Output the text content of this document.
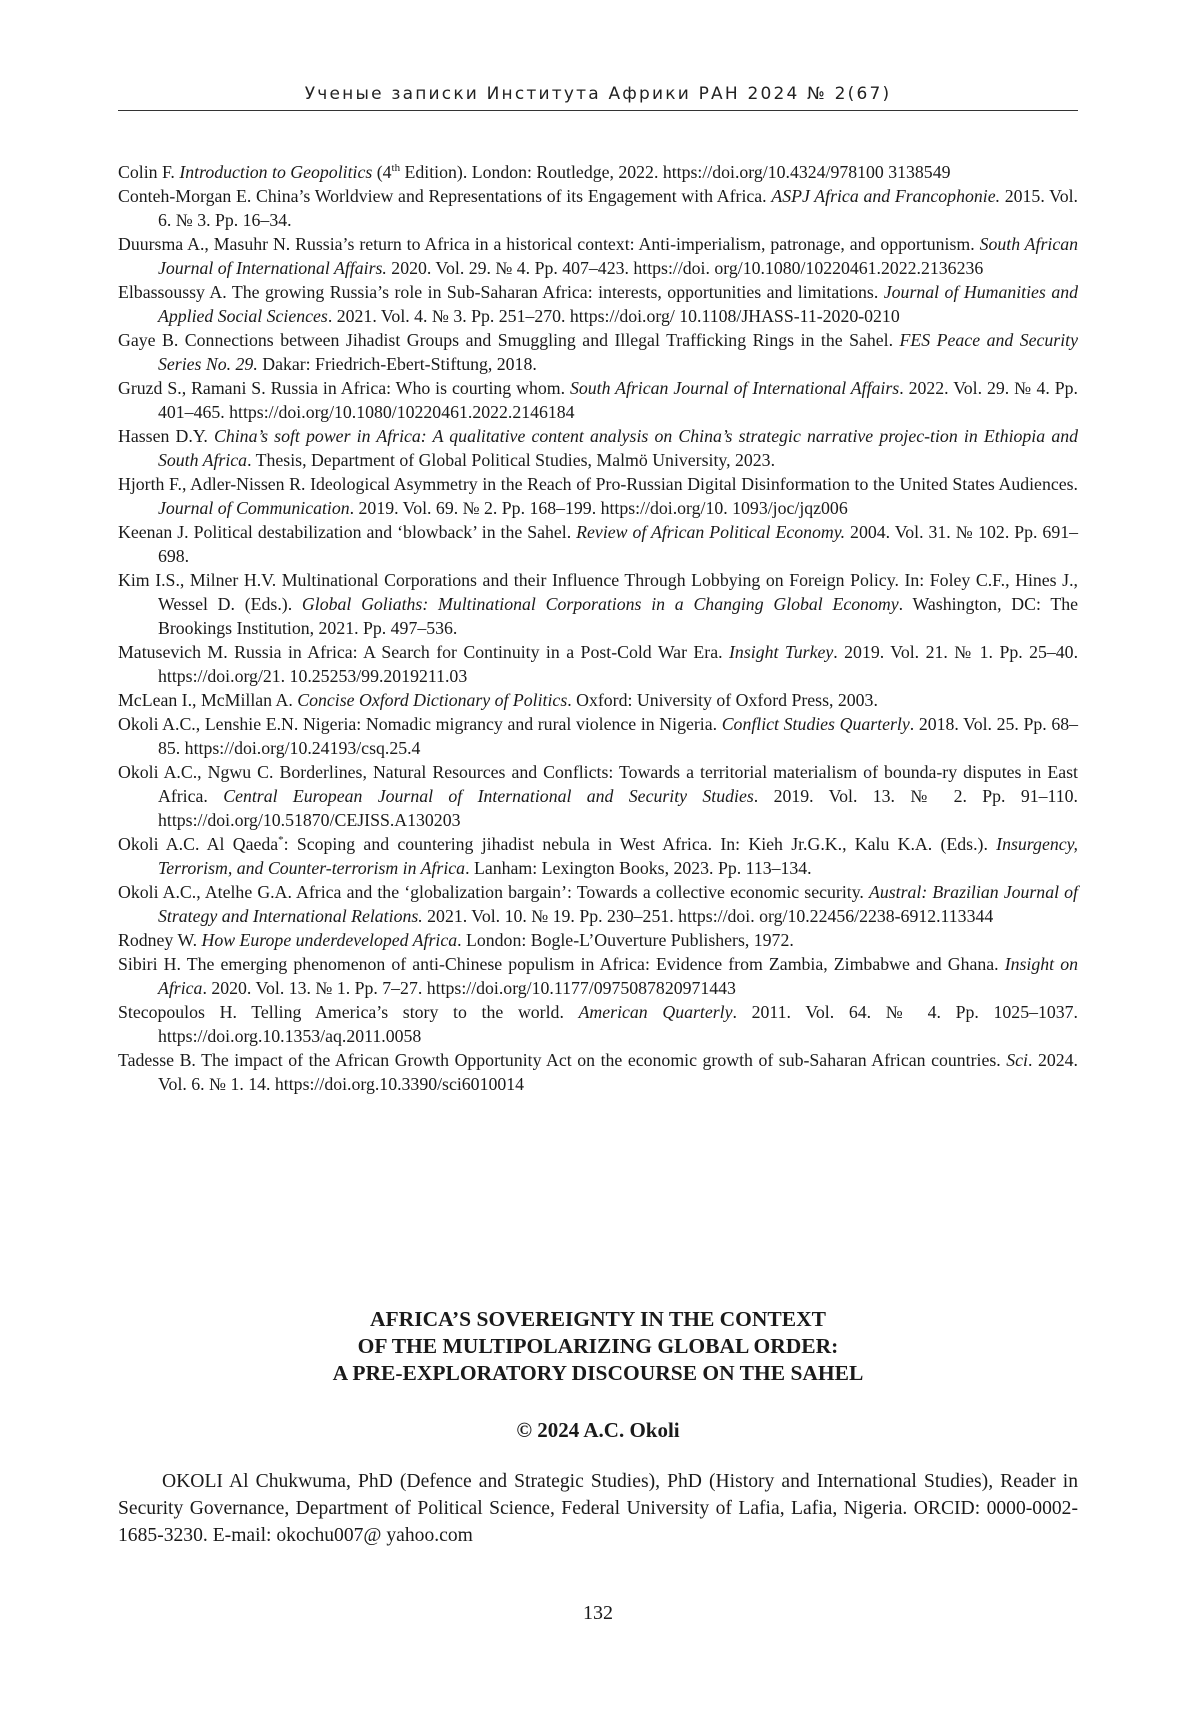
Ученые записки Института Африки РАН 2024 № 2(67)

Colin F. Introduction to Geopolitics (4th Edition). London: Routledge, 2022. https://doi.org/10.4324/978100 3138549

Conteh-Morgan E. China’s Worldview and Representations of its Engagement with Africa. ASPJ Africa and Francophonie. 2015. Vol. 6. № 3. Pp. 16–34.

Duursma A., Masuhr N. Russia’s return to Africa in a historical context: Anti-imperialism, patronage, and opportunism. South African Journal of International Affairs. 2020. Vol. 29. № 4. Pp. 407–423. https://doi. org/10.1080/10220461.2022.2136236

Elbassoussy A. The growing Russia’s role in Sub-Saharan Africa: interests, opportunities and limitations. Journal of Humanities and Applied Social Sciences. 2021. Vol. 4. № 3. Pp. 251–270. https://doi.org/ 10.1108/JHASS-11-2020-0210

Gaye B. Connections between Jihadist Groups and Smuggling and Illegal Trafficking Rings in the Sahel. FES Peace and Security Series No. 29. Dakar: Friedrich-Ebert-Stiftung, 2018.

Gruzd S., Ramani S. Russia in Africa: Who is courting whom. South African Journal of International Affairs. 2022. Vol. 29. № 4. Pp. 401–465. https://doi.org/10.1080/10220461.2022.2146184

Hassen D.Y. China’s soft power in Africa: A qualitative content analysis on China’s strategic narrative projec-tion in Ethiopia and South Africa. Thesis, Department of Global Political Studies, Malmö University, 2023.

Hjorth F., Adler-Nissen R. Ideological Asymmetry in the Reach of Pro-Russian Digital Disinformation to the United States Audiences. Journal of Communication. 2019. Vol. 69. № 2. Pp. 168–199. https://doi.org/10. 1093/joc/jqz006

Keenan J. Political destabilization and ‘blowback’ in the Sahel. Review of African Political Economy. 2004. Vol. 31. № 102. Pp. 691–698.

Kim I.S., Milner H.V. Multinational Corporations and their Influence Through Lobbying on Foreign Policy. In: Foley C.F., Hines J., Wessel D. (Eds.). Global Goliaths: Multinational Corporations in a Changing Global Economy. Washington, DC: The Brookings Institution, 2021. Pp. 497–536.

Matusevich M. Russia in Africa: A Search for Continuity in a Post-Cold War Era. Insight Turkey. 2019. Vol. 21. № 1. Pp. 25–40. https://doi.org/21. 10.25253/99.2019211.03

McLean I., McMillan A. Concise Oxford Dictionary of Politics. Oxford: University of Oxford Press, 2003.

Okoli A.C., Lenshie E.N. Nigeria: Nomadic migrancy and rural violence in Nigeria. Conflict Studies Quarterly. 2018. Vol. 25. Pp. 68–85. https://doi.org/10.24193/csq.25.4

Okoli A.C., Ngwu C. Borderlines, Natural Resources and Conflicts: Towards a territorial materialism of bounda-ry disputes in East Africa. Central European Journal of International and Security Studies. 2019. Vol. 13. № 2. Pp. 91–110. https://doi.org/10.51870/CEJISS.A130203

Okoli A.C. Al Qaeda*: Scoping and countering jihadist nebula in West Africa. In: Kieh Jr.G.K., Kalu K.A. (Eds.). Insurgency, Terrorism, and Counter-terrorism in Africa. Lanham: Lexington Books, 2023. Pp. 113–134.

Okoli A.C., Atelhe G.A. Africa and the ‘globalization bargain’: Towards a collective economic security. Austral: Brazilian Journal of Strategy and International Relations. 2021. Vol. 10. № 19. Pp. 230–251. https://doi. org/10.22456/2238-6912.113344

Rodney W. How Europe underdeveloped Africa. London: Bogle-L’Ouverture Publishers, 1972.

Sibiri H. The emerging phenomenon of anti-Chinese populism in Africa: Evidence from Zambia, Zimbabwe and Ghana. Insight on Africa. 2020. Vol. 13. № 1. Pp. 7–27. https://doi.org/10.1177/0975087820971443

Stecopoulos H. Telling America’s story to the world. American Quarterly. 2011. Vol. 64. № 4. Pp. 1025–1037. https://doi.org.10.1353/aq.2011.0058

Tadesse B. The impact of the African Growth Opportunity Act on the economic growth of sub-Saharan African countries. Sci. 2024. Vol. 6. № 1. 14. https://doi.org.10.3390/sci6010014

AFRICA’S SOVEREIGNTY IN THE CONTEXT
OF THE MULTIPOLARIZING GLOBAL ORDER:
A PRE-EXPLORATORY DISCOURSE ON THE SAHEL
© 2024 A.C. Okoli

OKOLI Al Chukwuma, PhD (Defence and Strategic Studies), PhD (History and International Studies), Reader in Security Governance, Department of Political Science, Federal University of Lafia, Lafia, Nigeria. ORCID: 0000-0002-1685-3230. E-mail: okochu007@ yahoo.com

132
